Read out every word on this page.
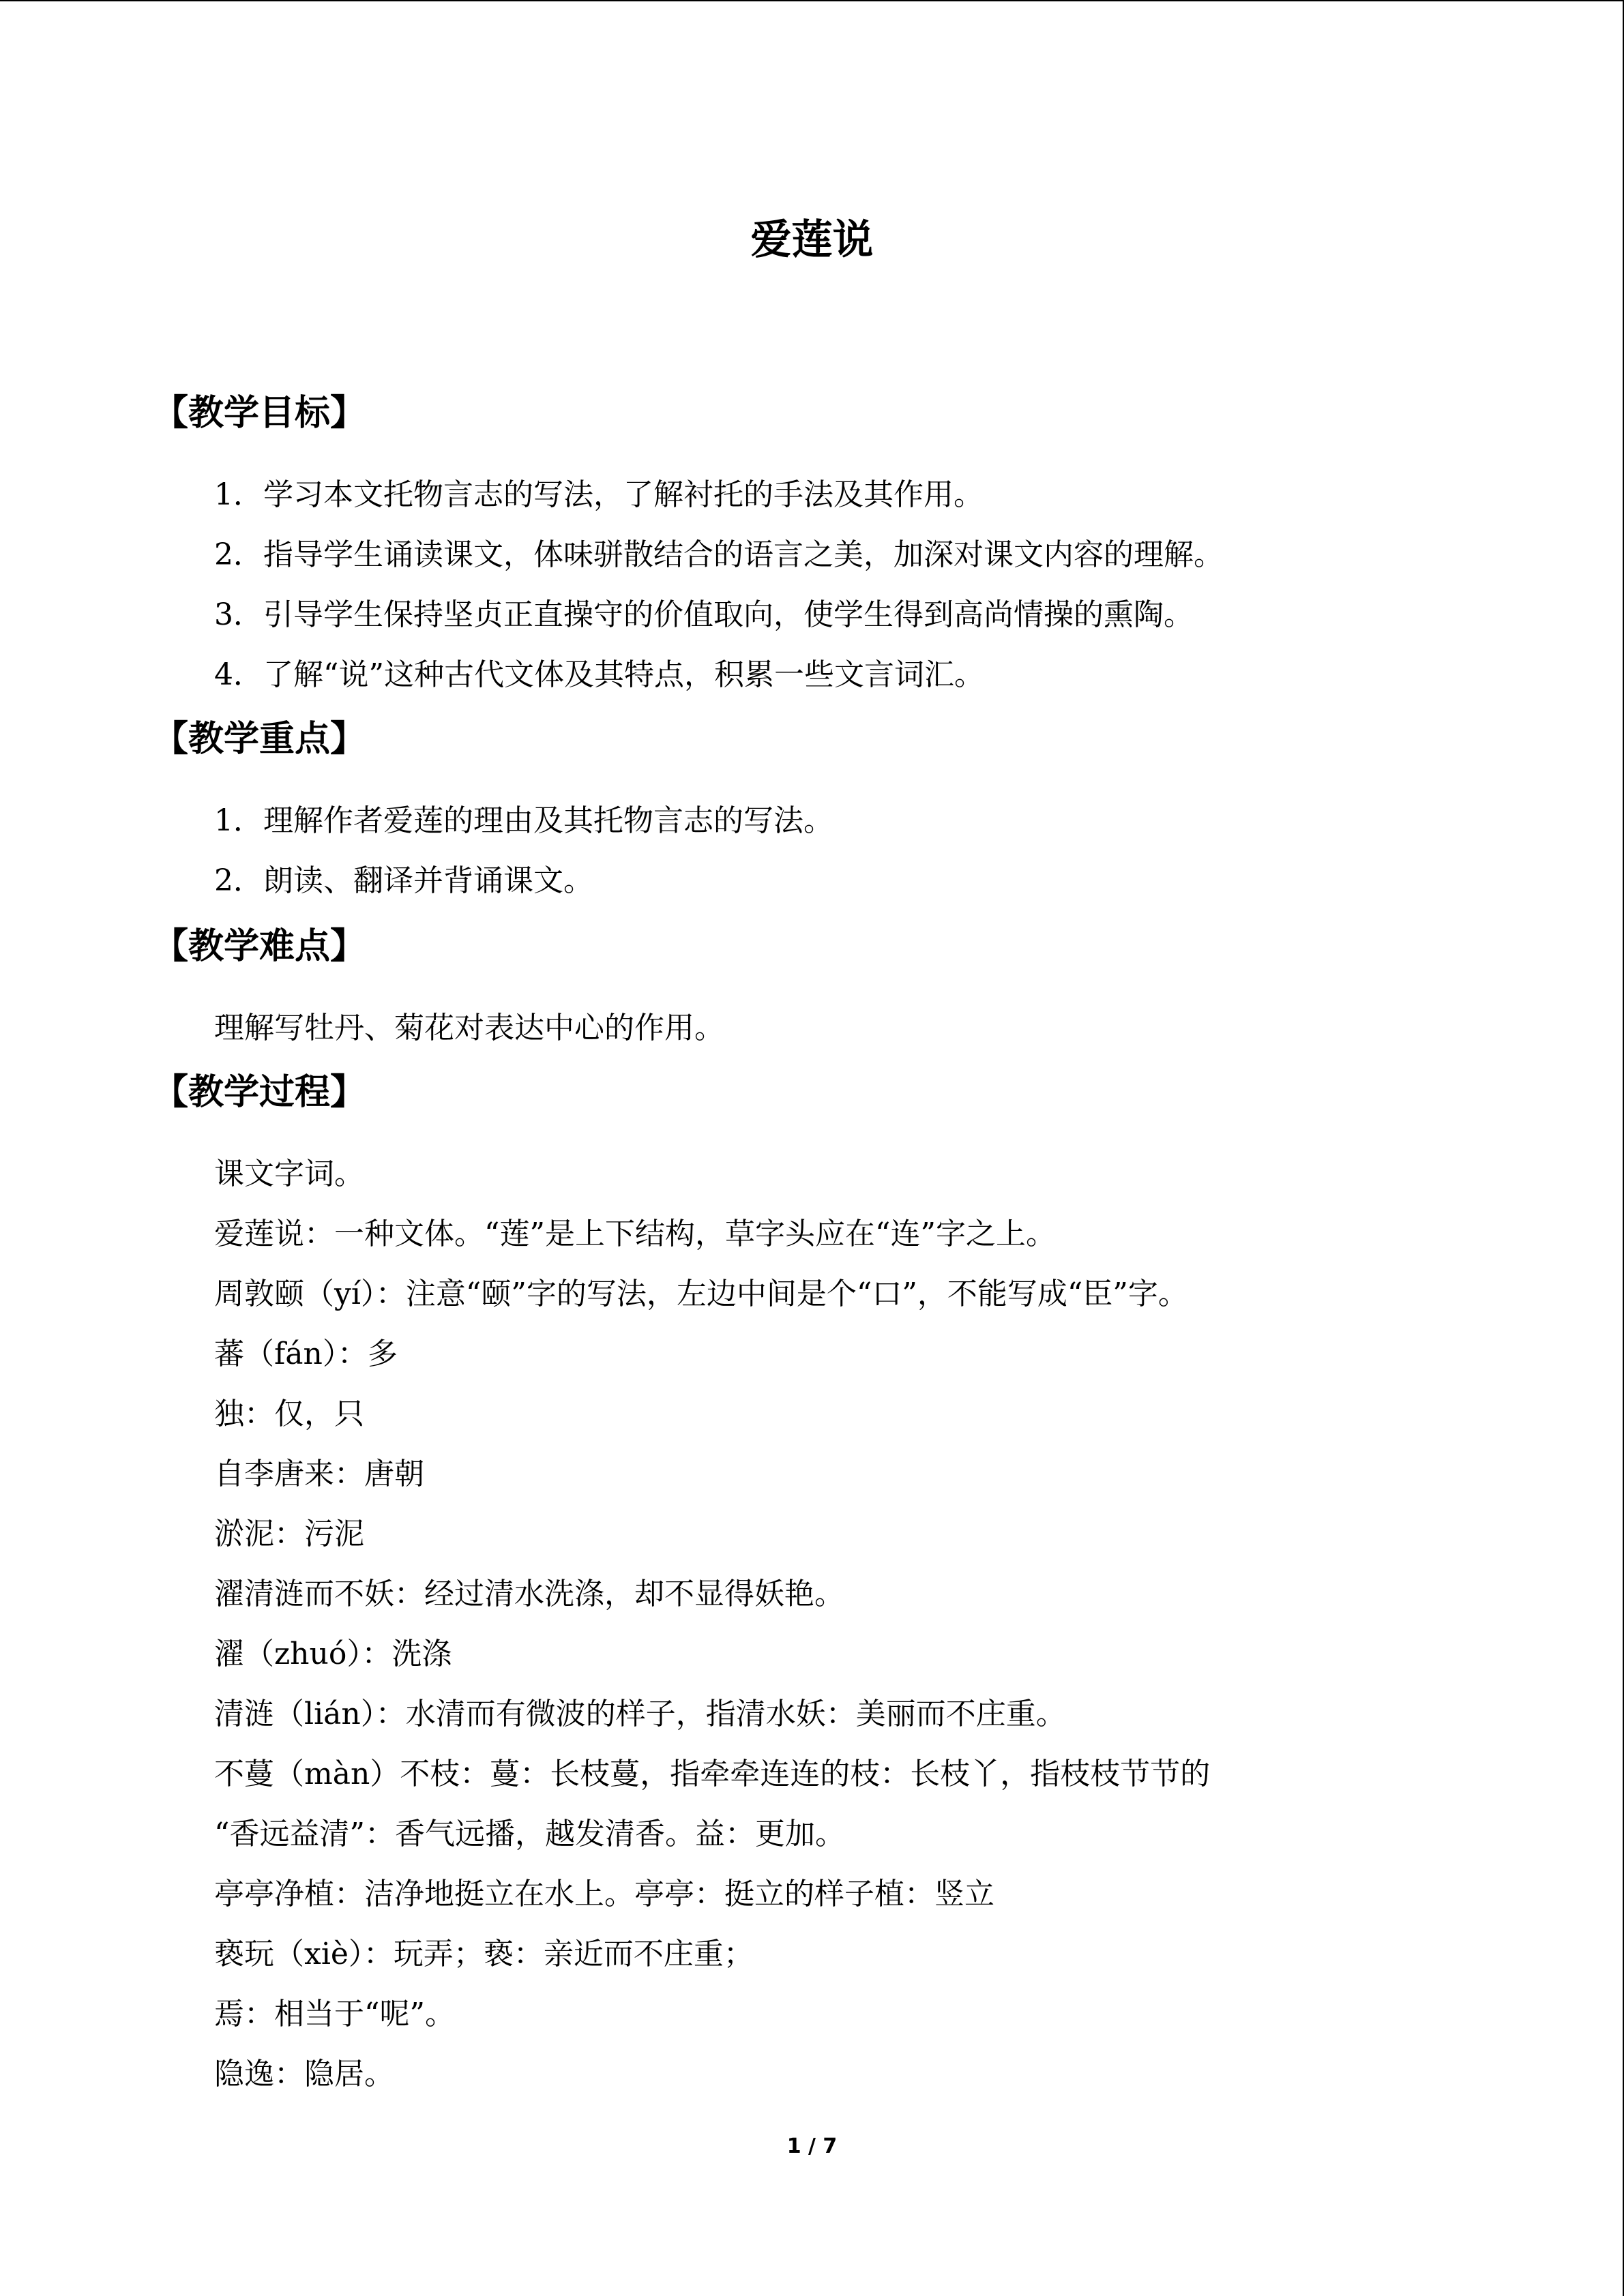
爱莲说
【教学目标】

1．学习本文托物言志的写法，了解衬托的手法及其作用。

2．指导学生诵读课文，体味骈散结合的语言之美，加深对课文内容的理解。

3．引导学生保持坚贞正直操守的价值取向，使学生得到高尚情操的熏陶。

4．了解“说”这种古代文体及其特点，积累一些文言词汇。

【教学重点】

1．理解作者爱莲的理由及其托物言志的写法。

2．朗读、翻译并背诵课文。

【教学难点】

理解写牡丹、菊花对表达中心的作用。

【教学过程】

课文字词。

爱莲说：一种文体。“莲”是上下结构，草字头应在“连”字之上。

周敦颐（yí）：注意“颐”字的写法，左边中间是个“口”，不能写成“臣”字。

蕃（fán）：多

独：仅，只

自李唐来：唐朝

淤泥：污泥

濯清涟而不妖：经过清水洗涤，却不显得妖艳。

濯（zhuó）：洗涤

清涟（lián）：水清而有微波的样子，指清水妖：美丽而不庄重。

不蔓（màn）不枝：蔓：长枝蔓，指牵牵连连的枝：长枝丫，指枝枝节节的

“香远益清”：香气远播，越发清香。益：更加。

亭亭净植：洁净地挺立在水上。亭亭：挺立的样子植：竖立

亵玩（xiè）：玩弄；亵：亲近而不庄重；

焉：相当于“呢”。

隐逸：隐居。

1 / 7
